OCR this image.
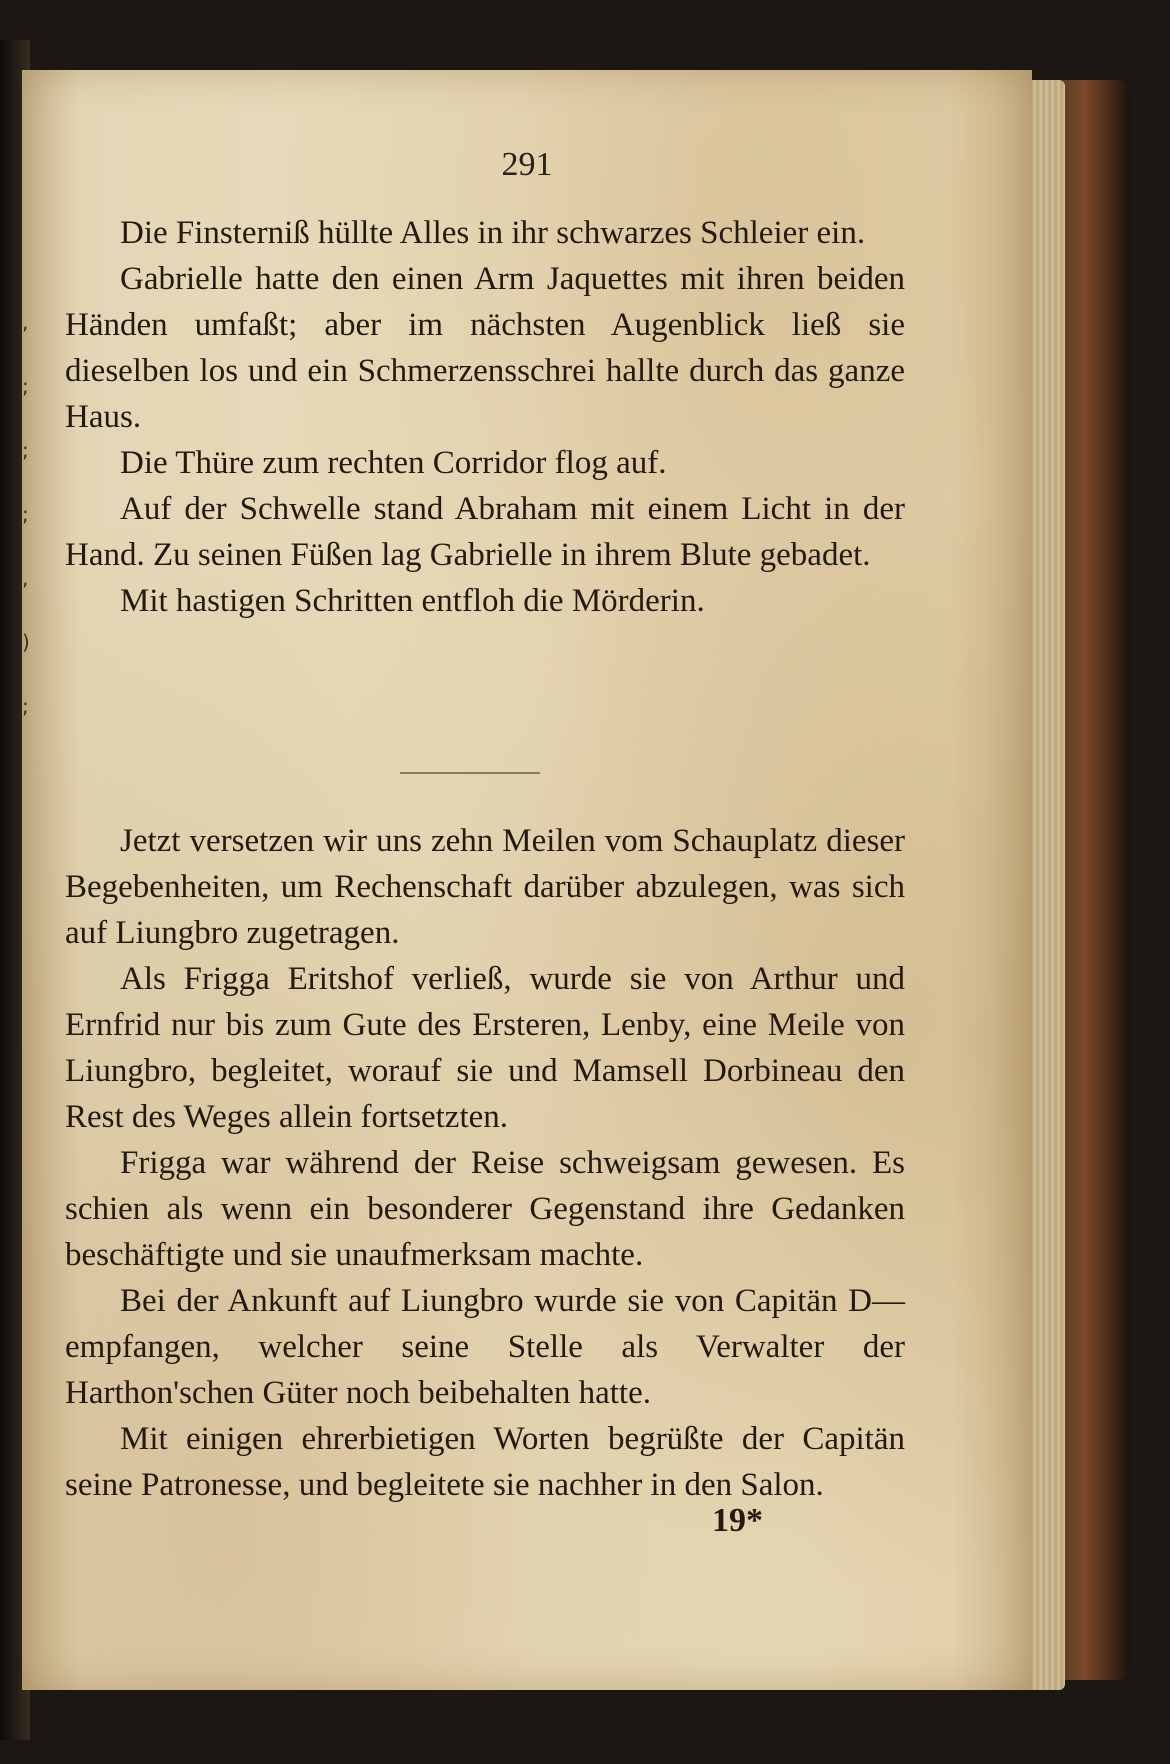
,
;
;
;
,
)
;
291

Die Finsterniß hüllte Alles in ihr schwarzes Schleier ein.

Gabrielle hatte den einen Arm Jaquettes mit ihren beiden Händen umfaßt; aber im nächsten Augenblick ließ sie dieselben los und ein Schmerzensschrei hallte durch das ganze Haus.

Die Thüre zum rechten Corridor flog auf.

Auf der Schwelle stand Abraham mit einem Licht in der Hand. Zu seinen Füßen lag Gabrielle in ihrem Blute gebadet.

Mit hastigen Schritten entfloh die Mörderin.

Jetzt versetzen wir uns zehn Meilen vom Schauplatz dieser Begebenheiten, um Rechenschaft darüber abzulegen, was sich auf Liungbro zugetragen.

Als Frigga Eritshof verließ, wurde sie von Arthur und Ernfrid nur bis zum Gute des Ersteren, Lenby, eine Meile von Liungbro, begleitet, worauf sie und Mamsell Dorbineau den Rest des Weges allein fortsetzten.

Frigga war während der Reise schweigsam gewesen. Es schien als wenn ein besonderer Gegenstand ihre Gedanken beschäftigte und sie unaufmerksam machte.

Bei der Ankunft auf Liungbro wurde sie von Capitän D— empfangen, welcher seine Stelle als Verwalter der Harthon'schen Güter noch beibehalten hatte.

Mit einigen ehrerbietigen Worten begrüßte der Capitän seine Patronesse, und begleitete sie nachher in den Salon.

19*
